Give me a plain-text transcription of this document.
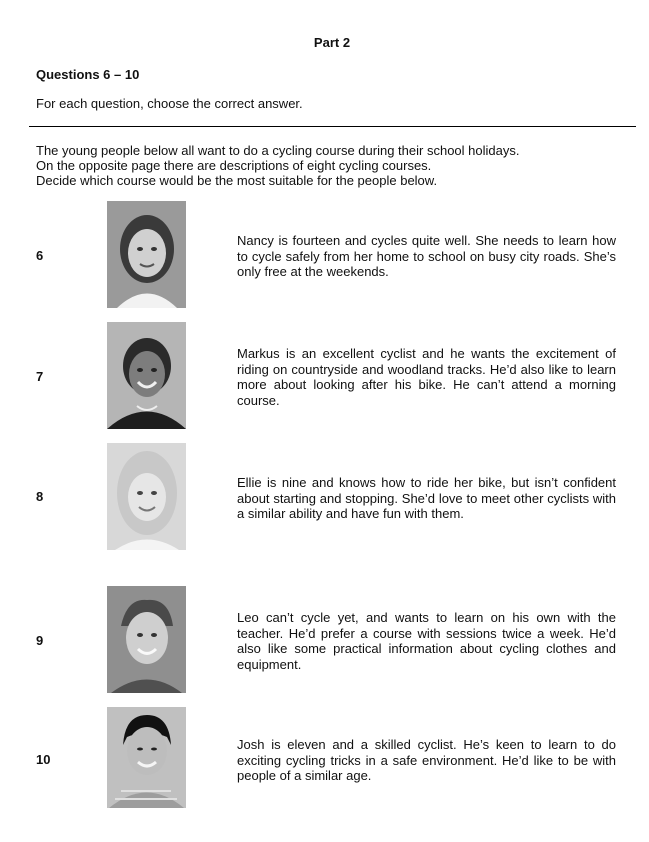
Part 2
Questions 6 – 10
For each question, choose the correct answer.
The young people below all want to do a cycling course during their school holidays.
On the opposite page there are descriptions of eight cycling courses.
Decide which course would be the most suitable for the people below.
6
Nancy is fourteen and cycles quite well. She needs to learn how to cycle safely from her home to school on busy city roads. She’s only free at the weekends.
7
Markus is an excellent cyclist and he wants the excitement of riding on countryside and woodland tracks. He’d also like to learn more about looking after his bike. He can’t attend a morning course.
8
Ellie is nine and knows how to ride her bike, but isn’t confident about starting and stopping. She’d love to meet other cyclists with a similar ability and have fun with them.
9
Leo can’t cycle yet, and wants to learn on his own with the teacher. He’d prefer a course with sessions twice a week. He’d also like some practical information about cycling clothes and equipment.
10
Josh is eleven and a skilled cyclist. He’s keen to learn to do exciting cycling tricks in a safe environment. He’d like to be with people of a similar age.
